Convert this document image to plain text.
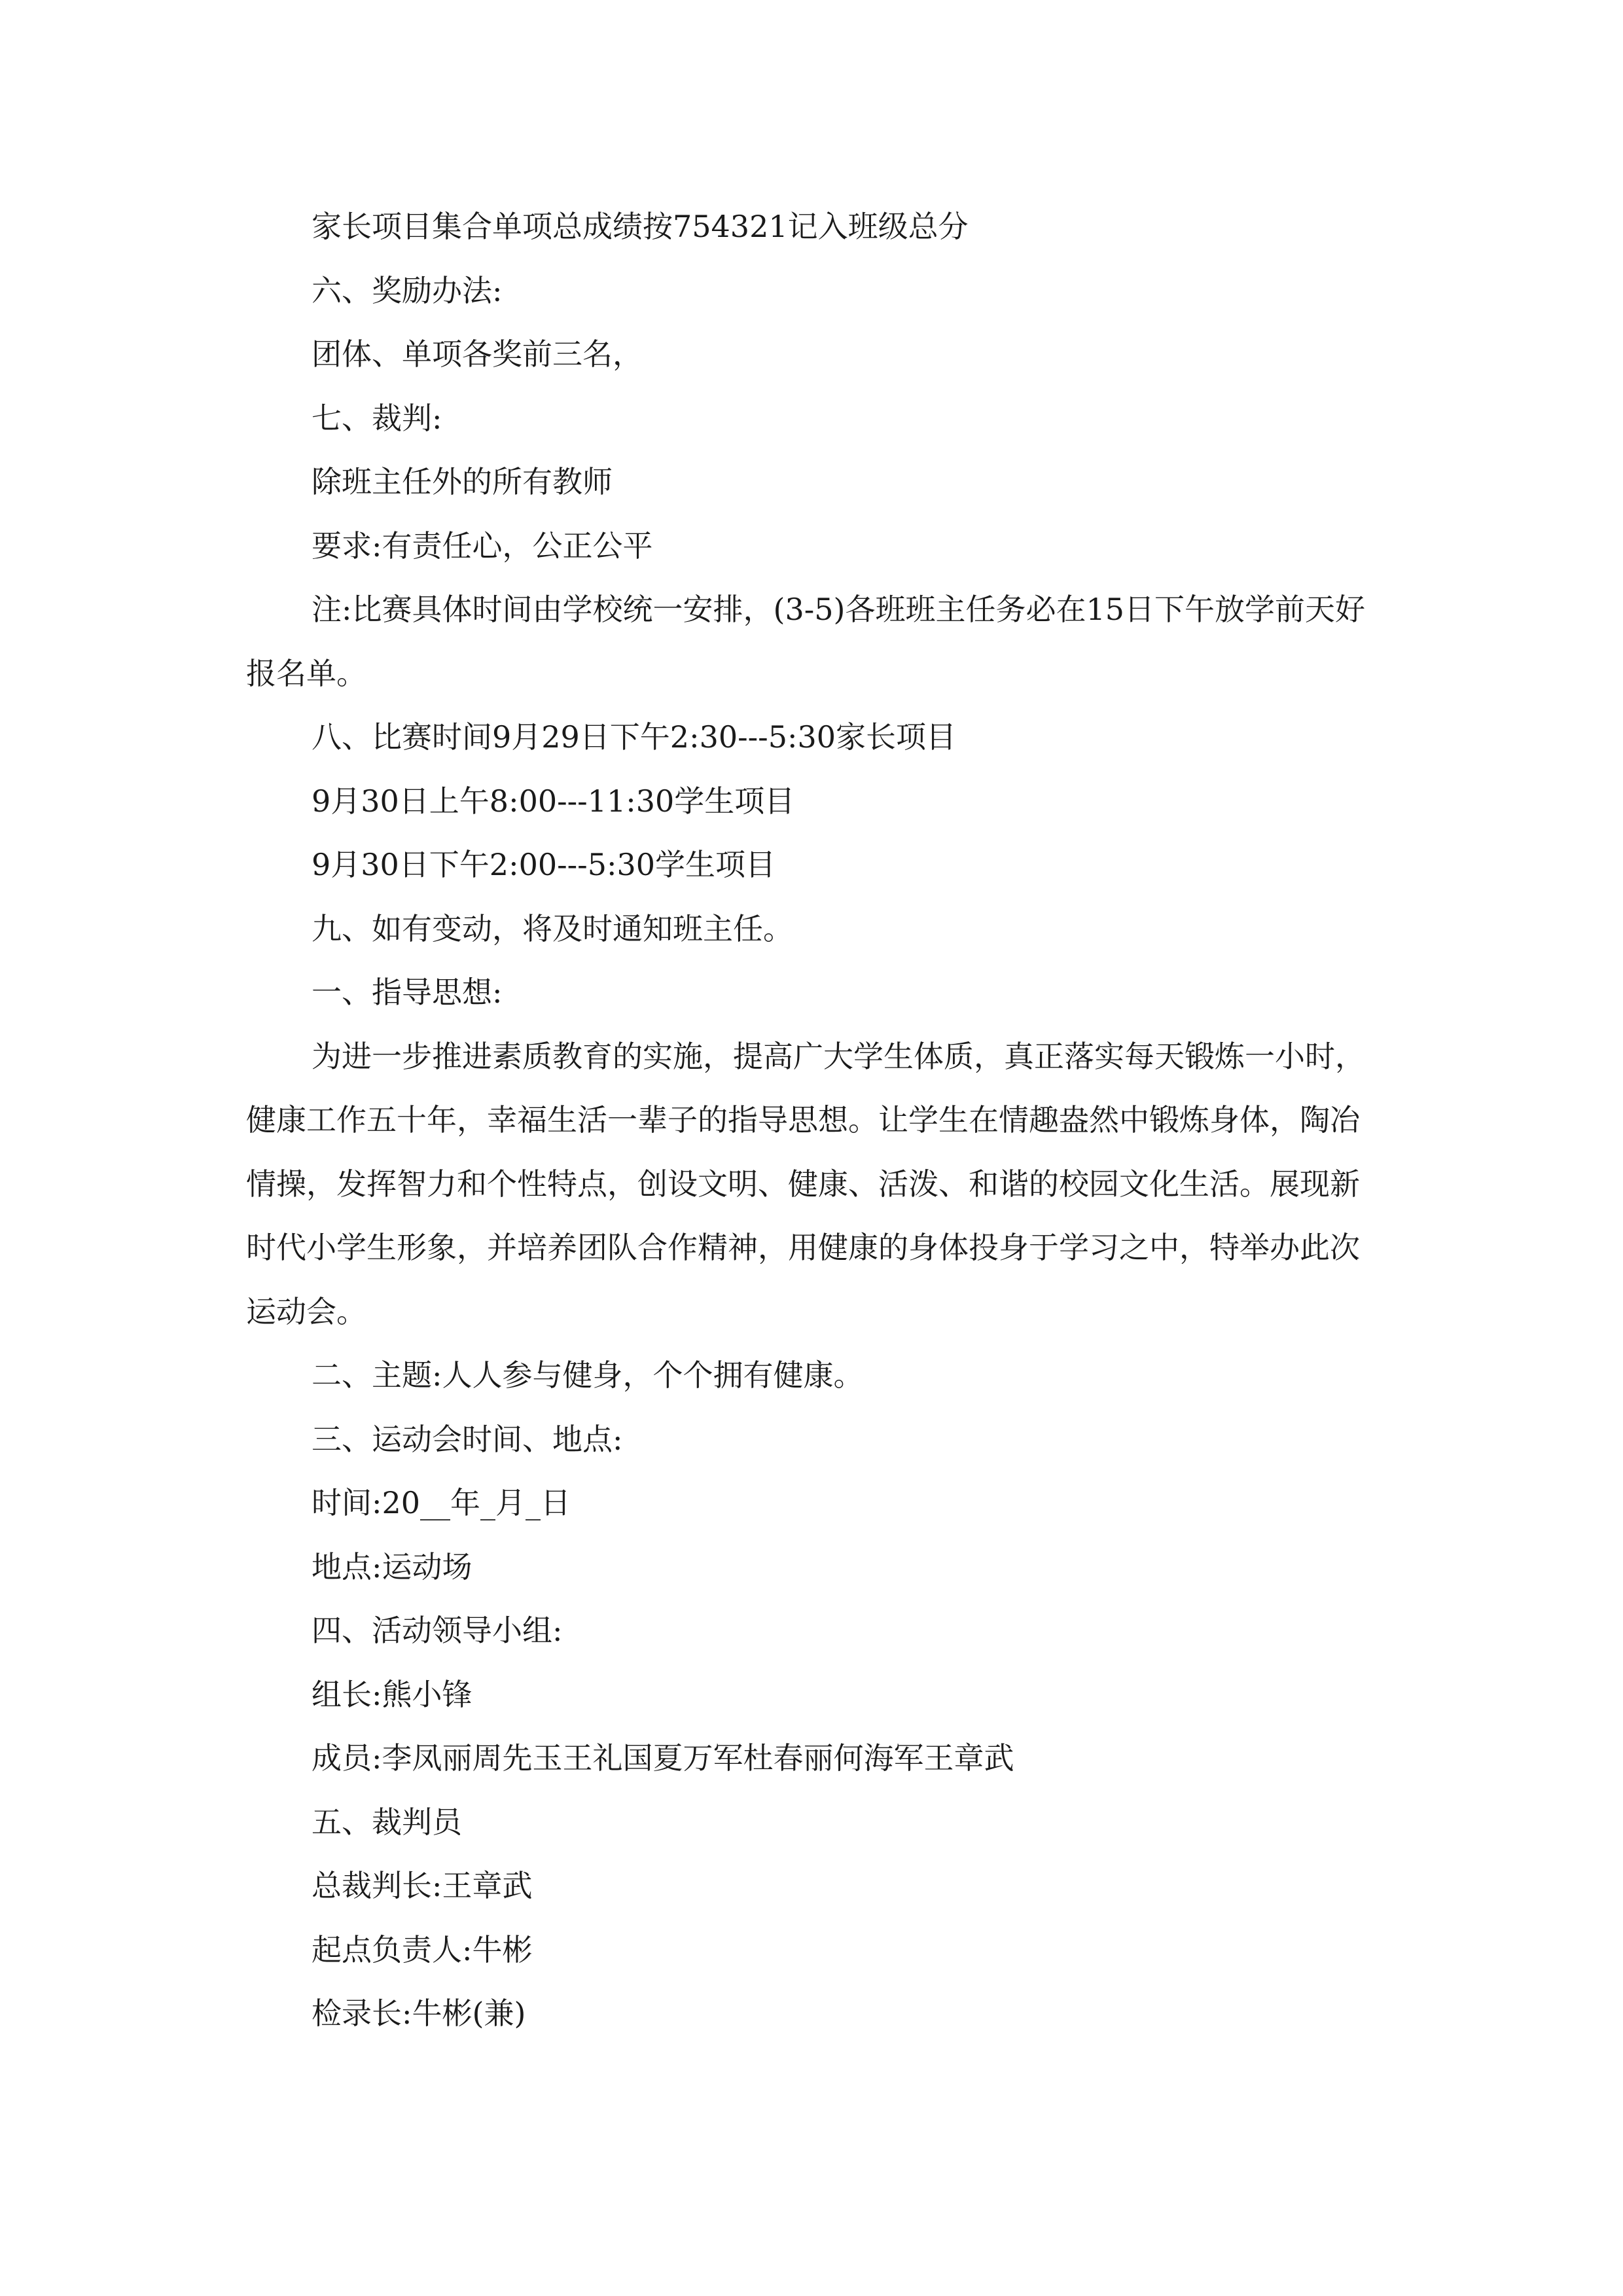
家长项目集合单项总成绩按754321记入班级总分

六、奖励办法:

团体、单项各奖前三名，

七、裁判:

除班主任外的所有教师

要求:有责任心，公正公平

注:比赛具体时间由学校统一安排，(3-5)各班班主任务必在15日下午放学前天好报名单。

八、比赛时间9月29日下午2:30---5:30家长项目

9月30日上午8:00---11:30学生项目

9月30日下午2:00---5:30学生项目

九、如有变动，将及时通知班主任。

一、指导思想:

为进一步推进素质教育的实施，提高广大学生体质，真正落实每天锻炼一小时，健康工作五十年，幸福生活一辈子的指导思想。让学生在情趣盎然中锻炼身体，陶冶情操，发挥智力和个性特点，创设文明、健康、活泼、和谐的校园文化生活。展现新时代小学生形象，并培养团队合作精神，用健康的身体投身于学习之中，特举办此次运动会。

二、主题:人人参与健身，个个拥有健康。

三、运动会时间、地点:

时间:20__年_月_日

地点:运动场

四、活动领导小组:

组长:熊小锋

成员:李凤丽周先玉王礼国夏万军杜春丽何海军王章武

五、裁判员

总裁判长:王章武

起点负责人:牛彬

检录长:牛彬(兼)
